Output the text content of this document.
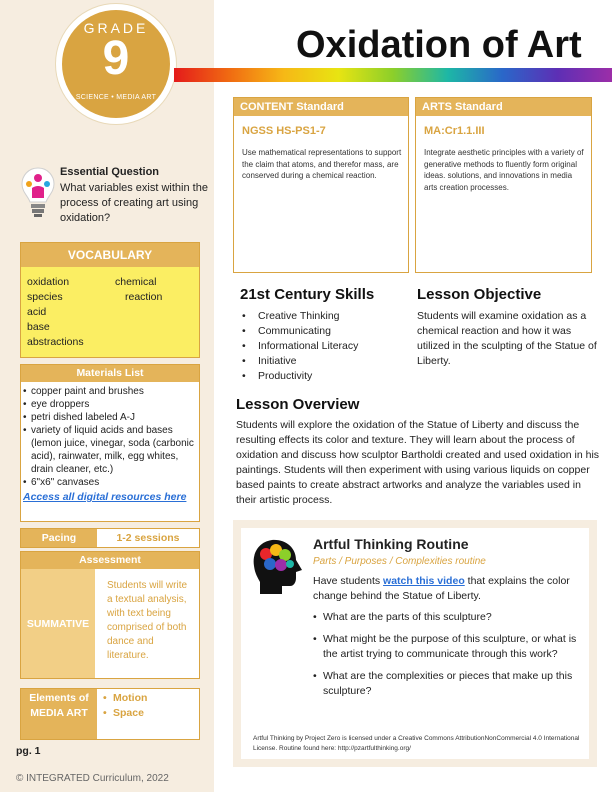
GRADE
9
SCIENCE • MEDIA ART
Oxidation of Art
Essential Question
What variables exist within the process of creating art using oxidation?
VOCABULARY
oxidation
species
acid
base
abstractions
chemical
reaction
Materials List
• copper paint and brushes
• eye droppers
• petri dished labeled A-J
• variety of liquid acids and bases (lemon juice, vinegar, soda (carbonic acid), rainwater, milk, egg whites, drain cleaner, etc.)
• 6"x6" canvases
Access all digital resources here
Pacing	1-2 sessions
Assessment
SUMMATIVE
Students will write a textual analysis, with text being comprised of both dance and literature.
Elements of MEDIA ART
• Motion
• Space
pg. 1
© INTEGRATED Curriculum, 2022
CONTENT Standard
NGSS HS-PS1-7
Use mathematical representations to support the claim that atoms, and therefor mass, are conserved during a chemical reaction.
ARTS Standard
MA:Cr1.1.III
Integrate aesthetic principles with a variety of generative methods to fluently form original ideas. solutions, and innovations in media arts creation processes.
21st Century Skills
• Creative Thinking
• Communicating
• Informational Literacy
• Initiative
• Productivity
Lesson Objective
Students will examine oxidation as a chemical reaction and how it was utilized in the sculpting of the Statue of Liberty.
Lesson Overview
Students will explore the oxidation of the Statue of Liberty and discuss the resulting effects its color and texture. They will learn about the process of oxidation and discuss how sculptor Bartholdi created and used oxidation in his paintings. Students will then experiment with using various liquids on copper based paints to create abstract artworks and analyze the variables used in their artistic process.
Artful Thinking Routine
Parts / Purposes / Complexities routine
Have students watch this video that explains the color change behind the Statue of Liberty.
• What are the parts of this sculpture?
• What might be the purpose of this sculpture, or what is the artist trying to communicate through this work?
• What are the complexities or pieces that make up this sculpture?
Artful Thinking by Project Zero is licensed under a Creative Commons AttributionNonCommercial 4.0 International License. Routine found here: http://pzartfulthinking.org/
